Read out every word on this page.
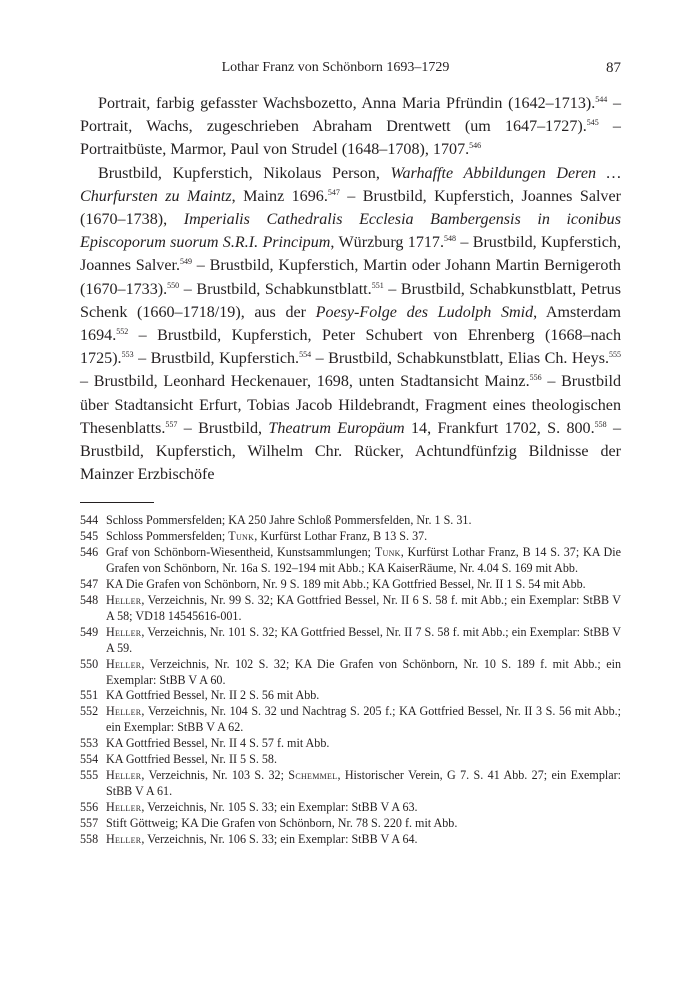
Lothar Franz von Schönborn 1693–1729	87

Portrait, farbig gefasster Wachsbozetto, Anna Maria Pfründin (1642–1713).$^{544}$ – Portrait, Wachs, zugeschrieben Abraham Drentwett (um 1647–1727).$^{545}$ – Portraitbüste, Marmor, Paul von Strudel (1648–1708), 1707.$^{546}$

Brustbild, Kupferstich, Nikolaus Person, Warhaffte Abbildungen Deren … Churfursten zu Maintz, Mainz 1696.$^{547}$ – Brustbild, Kupferstich, Joannes Salver (1670–1738), Imperialis Cathedralis Ecclesia Bambergensis in iconibus Episcoporum suorum S.R.I. Principum, Würzburg 1717.$^{548}$ – Brustbild, Kupferstich, Joannes Salver.$^{549}$ – Brustbild, Kupferstich, Martin oder Johann Martin Bernigeroth (1670–1733).$^{550}$ – Brustbild, Schabkunstblatt.$^{551}$ – Brustbild, Schabkunstblatt, Petrus Schenk (1660–1718/19), aus der Poesy-Folge des Ludolph Smid, Amsterdam 1694.$^{552}$ – Brustbild, Kupferstich, Peter Schubert von Ehrenberg (1668–nach 1725).$^{553}$ – Brustbild, Kupferstich.$^{554}$ – Brustbild, Schabkunstblatt, Elias Ch. Heys.$^{555}$ – Brustbild, Leonhard Heckenauer, 1698, unten Stadtansicht Mainz.$^{556}$ – Brustbild über Stadtansicht Erfurt, Tobias Jacob Hildebrandt, Fragment eines theologischen Thesenblatts.$^{557}$ – Brustbild, Theatrum Europäum 14, Frankfurt 1702, S. 800.$^{558}$ – Brustbild, Kupferstich, Wilhelm Chr. Rücker, Achtundfünfzig Bildnisse der Mainzer Erzbischöfe

544 Schloss Pommersfelden; KA 250 Jahre Schloß Pommersfelden, Nr. 1 S. 31.
545 Schloss Pommersfelden; Tunk, Kurfürst Lothar Franz, B 13 S. 37.
546 Graf von Schönborn-Wiesentheid, Kunstsammlungen; Tunk, Kurfürst Lothar Franz, B 14 S. 37; KA Die Grafen von Schönborn, Nr. 16a S. 192–194 mit Abb.; KA KaiserRäume, Nr. 4.04 S. 169 mit Abb.
547 KA Die Grafen von Schönborn, Nr. 9 S. 189 mit Abb.; KA Gottfried Bessel, Nr. II 1 S. 54 mit Abb.
548 Heller, Verzeichnis, Nr. 99 S. 32; KA Gottfried Bessel, Nr. II 6 S. 58 f. mit Abb.; ein Exemplar: StBB V A 58; VD18 14545616-001.
549 Heller, Verzeichnis, Nr. 101 S. 32; KA Gottfried Bessel, Nr. II 7 S. 58 f. mit Abb.; ein Exemplar: StBB V A 59.
550 Heller, Verzeichnis, Nr. 102 S. 32; KA Die Grafen von Schönborn, Nr. 10 S. 189 f. mit Abb.; ein Exemplar: StBB V A 60.
551 KA Gottfried Bessel, Nr. II 2 S. 56 mit Abb.
552 Heller, Verzeichnis, Nr. 104 S. 32 und Nachtrag S. 205 f.; KA Gottfried Bessel, Nr. II 3 S. 56 mit Abb.; ein Exemplar: StBB V A 62.
553 KA Gottfried Bessel, Nr. II 4 S. 57 f. mit Abb.
554 KA Gottfried Bessel, Nr. II 5 S. 58.
555 Heller, Verzeichnis, Nr. 103 S. 32; Schemmel, Historischer Verein, G 7. S. 41 Abb. 27; ein Exemplar: StBB V A 61.
556 Heller, Verzeichnis, Nr. 105 S. 33; ein Exemplar: StBB V A 63.
557 Stift Göttweig; KA Die Grafen von Schönborn, Nr. 78 S. 220 f. mit Abb.
558 Heller, Verzeichnis, Nr. 106 S. 33; ein Exemplar: StBB V A 64.
